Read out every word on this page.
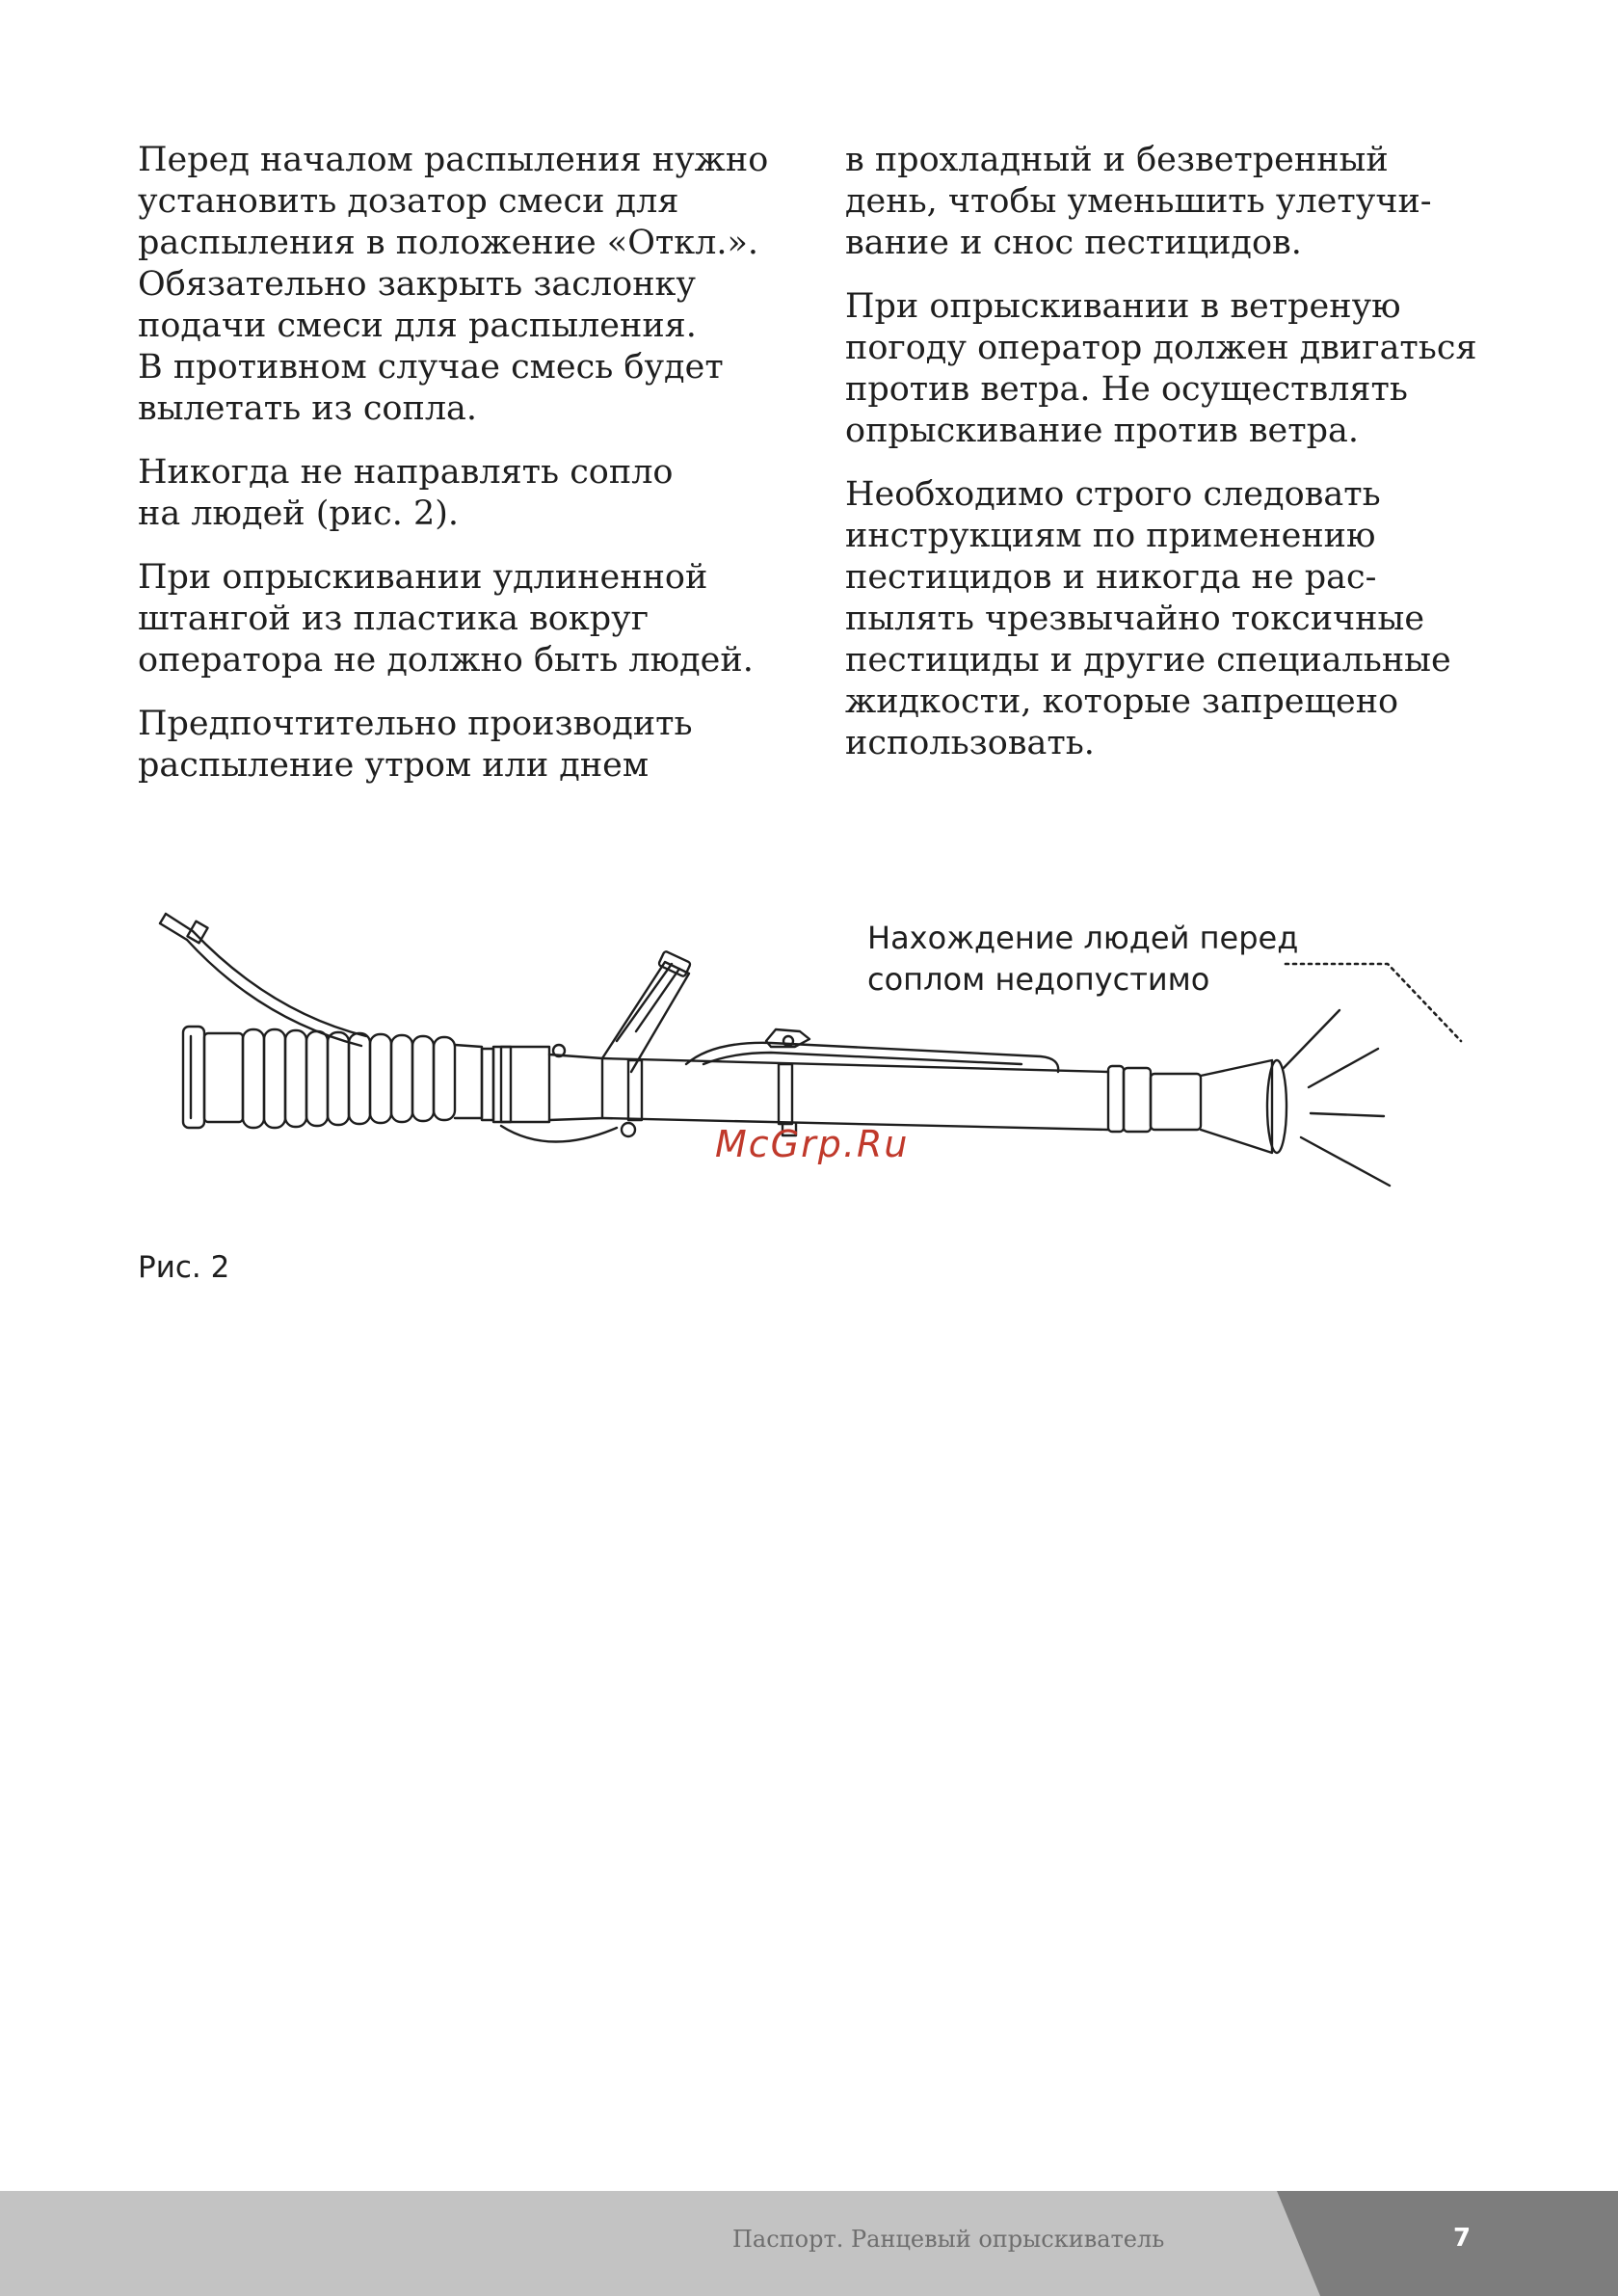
Перед началом распыления нужно
установить дозатор смеси для
распыления в положение «Откл.».
Обязательно закрыть заслонку
подачи смеси для распыления.
В противном случае смесь будет
вылетать из сопла.

Никогда не направлять сопло
на людей (рис. 2).

При опрыскивании удлиненной
штангой из пластика вокруг
оператора не должно быть людей.

Предпочтительно производить
распыление утром или днем

в прохладный и безветренный
день, чтобы уменьшить улетучи-
вание и снос пестицидов.

При опрыскивании в ветреную
погоду оператор должен двигаться
против ветра. Не осуществлять
опрыскивание против ветра.

Необходимо строго следовать
инструкциям по применению
пестицидов и никогда не рас-
пылять чрезвычайно токсичные
пестициды и другие специальные
жидкости, которые запрещено
использовать.

Нахождение людей перед
соплом недопустимо
McGrp.Ru
Рис. 2
Паспорт. Ранцевый опрыскиватель	7
